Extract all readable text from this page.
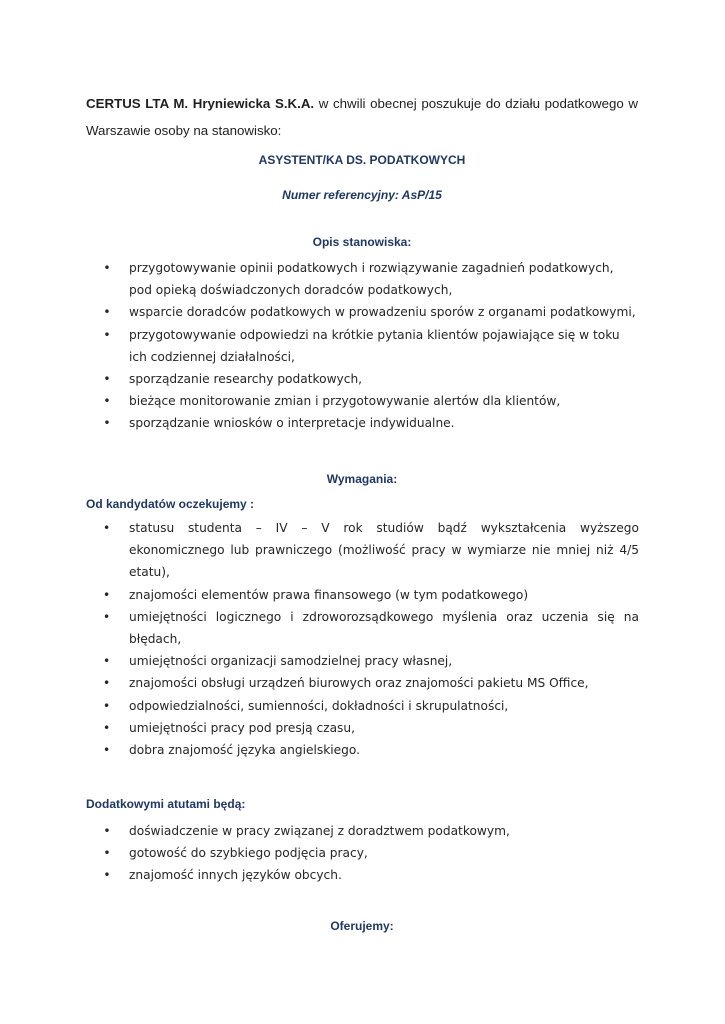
CERTUS LTA M. Hryniewicka S.K.A. w chwili obecnej poszukuje do działu podatkowego w Warszawie osoby na stanowisko:
ASYSTENT/KA DS. PODATKOWYCH
Numer referencyjny: AsP/15
Opis stanowiska:
• przygotowywanie opinii podatkowych i rozwiązywanie zagadnień podatkowych, pod opieką doświadczonych doradców podatkowych,
• wsparcie doradców podatkowych w prowadzeniu sporów z organami podatkowymi,
• przygotowywanie odpowiedzi na krótkie pytania klientów pojawiające się w toku ich codziennej działalności,
• sporządzanie researchy podatkowych,
• bieżące monitorowanie zmian i przygotowywanie alertów dla klientów,
• sporządzanie wniosków o interpretacje indywidualne.
Wymagania:
Od kandydatów oczekujemy :
• statusu studenta – IV – V rok studiów bądź wykształcenia wyższego ekonomicznego lub prawniczego (możliwość pracy w wymiarze nie mniej niż 4/5 etatu),
• znajomości elementów prawa finansowego (w tym podatkowego)
• umiejętności logicznego i zdroworozsądkowego myślenia oraz uczenia się na błędach,
• umiejętności organizacji samodzielnej pracy własnej,
• znajomości obsługi urządzeń biurowych oraz znajomości pakietu MS Office,
• odpowiedzialności, sumienności, dokładności i skrupulatności,
• umiejętności pracy pod presją czasu,
• dobra znajomość języka angielskiego.
Dodatkowymi atutami będą:
• doświadczenie w pracy związanej z doradztwem podatkowym,
• gotowość do szybkiego podjęcia pracy,
• znajomość innych języków obcych.
Oferujemy:
